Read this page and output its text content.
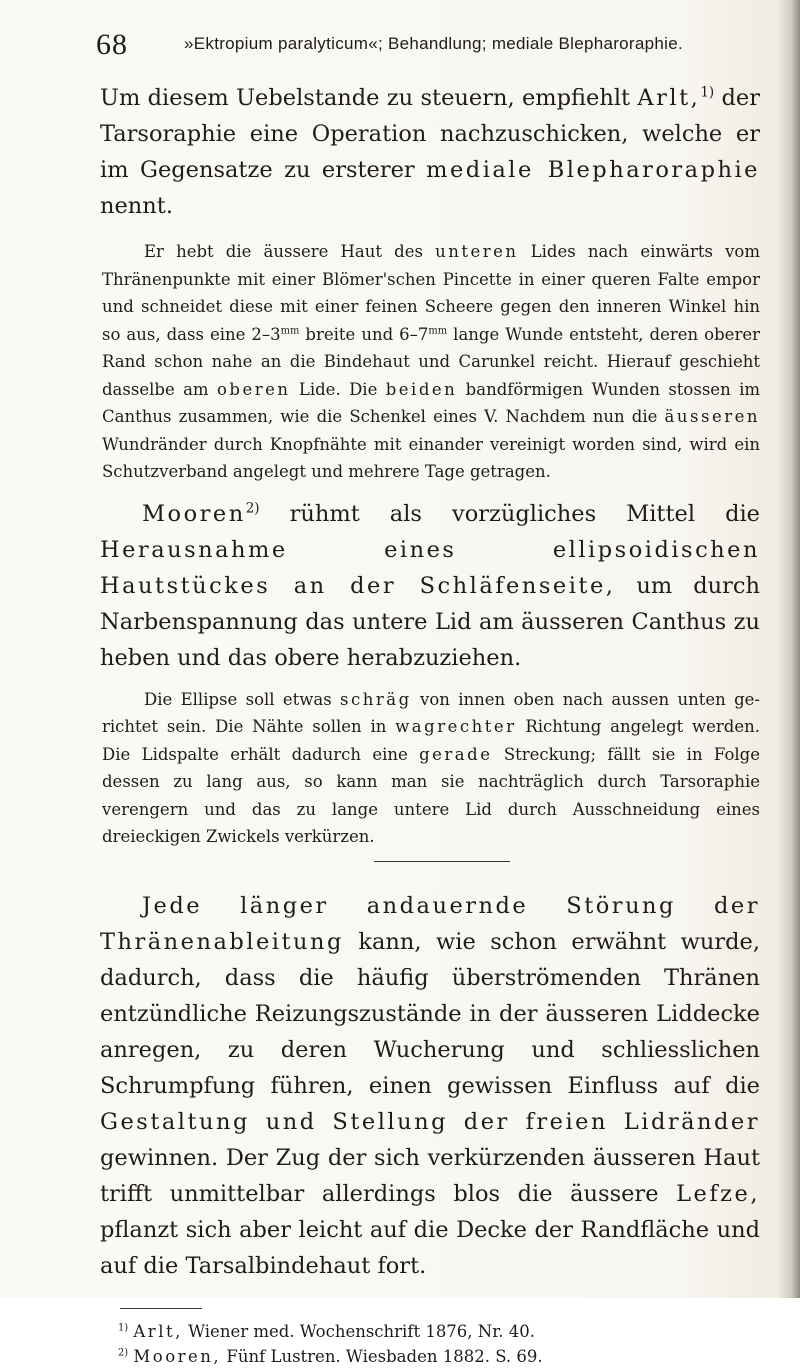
68	»Ektropium paralyticum«; Behandlung; mediale Blepharoraphie.

Um diesem Uebelstande zu steuern, empfiehlt Arlt,$^{1)}$ der Tarsoraphie eine Operation nachzuschicken, welche er im Gegensatze zu ersterer mediale Blepharoraphie nennt.

Er hebt die äussere Haut des unteren Lides nach einwärts vom Thränenpunkte mit einer Blömer'schen Pincette in einer queren Falte empor und schneidet diese mit einer feinen Scheere gegen den inneren Winkel hin so aus, dass eine $2-3^{mm}$ breite und $6-7^{mm}$ lange Wunde entsteht, deren oberer Rand schon nahe an die Bindehaut und Carunkel reicht. Hierauf geschieht dasselbe am oberen Lide. Die beiden bandförmigen Wunden stossen im Canthus zusammen, wie die Schenkel eines V. Nachdem nun die äusseren Wundränder durch Knopfnähte mit einander vereinigt worden sind, wird ein Schutzverband angelegt und mehrere Tage getragen.

Mooren$^{2)}$ rühmt als vorzügliches Mittel die Herausnahme eines ellipsoidischen Hautstückes an der Schläfenseite, um durch Narbenspannung das untere Lid am äusseren Canthus zu heben und das obere herabzuziehen.

Die Ellipse soll etwas schräg von innen oben nach aussen unten gerichtet sein. Die Nähte sollen in wagrechter Richtung angelegt werden. Die Lidspalte erhält dadurch eine gerade Streckung; fällt sie in Folge dessen zu lang aus, so kann man sie nachträglich durch Tarsoraphie verengern und das zu lange untere Lid durch Ausschneidung eines dreieckigen Zwickels verkürzen.

Jede länger andauernde Störung der Thränenableitung kann, wie schon erwähnt wurde, dadurch, dass die häufig überströmenden Thränen entzündliche Reizungszustände in der äusseren Liddecke anregen, zu deren Wucherung und schliesslichen Schrumpfung führen, einen gewissen Einfluss auf die Gestaltung und Stellung der freien Lidränder gewinnen. Der Zug der sich verkürzenden äusseren Haut trifft unmittelbar allerdings blos die äussere Lefze, pflanzt sich aber leicht auf die Decke der Randfläche und auf die Tarsalbindehaut fort.

$^{1)}$ Arlt, Wiener med. Wochenschrift 1876, Nr. 40.

$^{2)}$ Mooren, Fünf Lustren. Wiesbaden 1882. S. 69.
